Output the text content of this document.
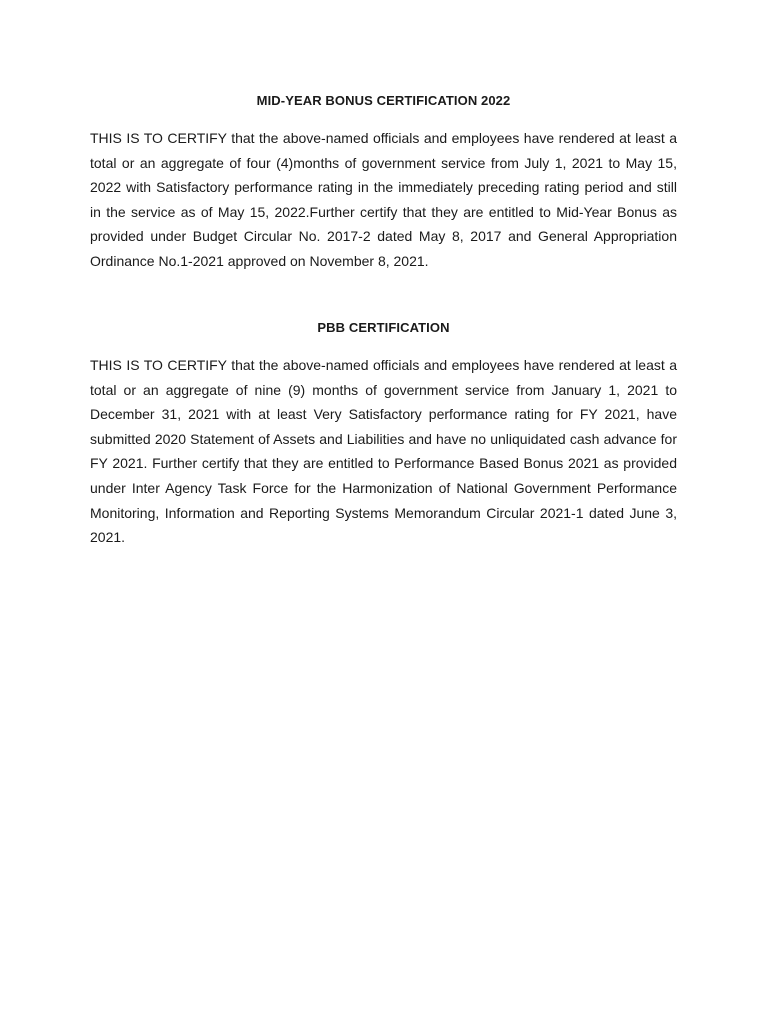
MID-YEAR BONUS CERTIFICATION 2022

THIS IS TO CERTIFY that the above-named officials and employees have rendered at least a total or an aggregate of four (4)months of government service from July 1, 2021 to May 15, 2022 with Satisfactory performance rating in the immediately preceding rating period and still in the service as of May 15, 2022.Further certify that they are entitled to Mid-Year Bonus as provided under Budget Circular No. 2017-2 dated May 8, 2017 and General Appropriation Ordinance No.1-2021 approved on November 8, 2021.

PBB CERTIFICATION

THIS IS TO CERTIFY that the above-named officials and employees have rendered at least a total or an aggregate of nine (9) months of government service from January 1, 2021 to December 31, 2021 with at least Very Satisfactory performance rating for FY 2021, have submitted 2020 Statement of Assets and Liabilities and have no unliquidated cash advance for FY 2021. Further certify that they are entitled to Performance Based Bonus 2021 as provided under Inter Agency Task Force for the Harmonization of National Government Performance Monitoring, Information and Reporting Systems Memorandum Circular 2021-1 dated June 3, 2021.
